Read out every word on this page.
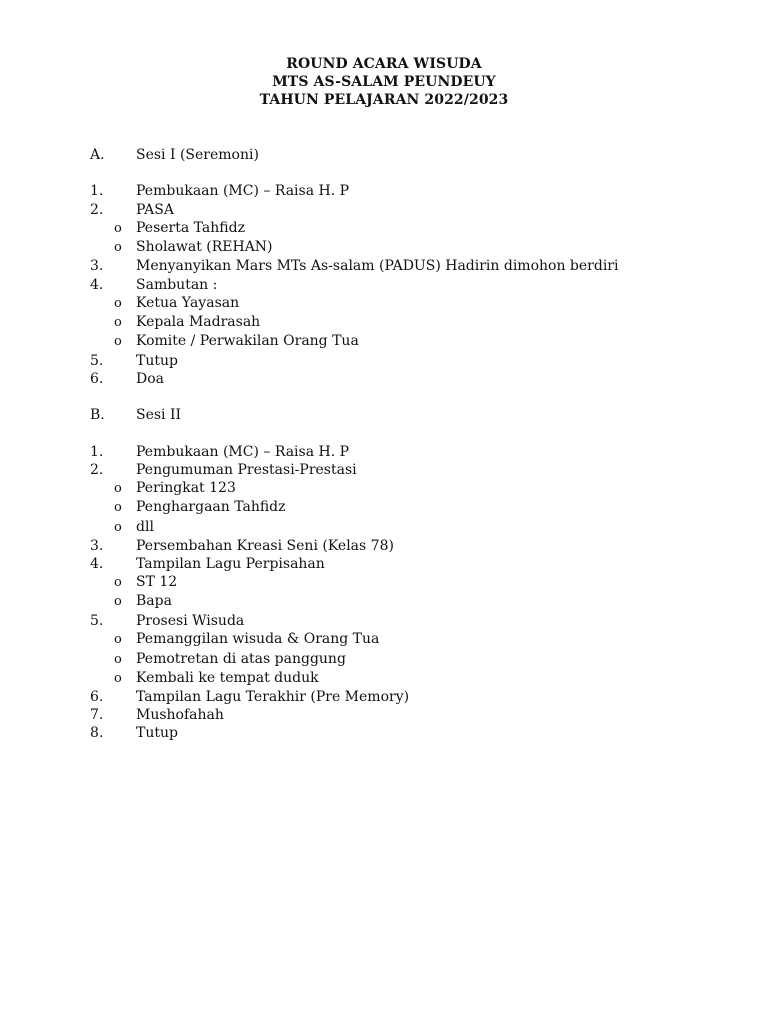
ROUND ACARA WISUDA
MTS AS-SALAM PEUNDEUY
TAHUN PELAJARAN 2022/2023
A. Sesi I (Seremoni)
1. Pembukaan (MC) – Raisa H. P
2. PASA
o Peserta Tahfidz
o Sholawat (REHAN)
3. Menyanyikan Mars MTs As-salam (PADUS) Hadirin dimohon berdiri
4. Sambutan :
o Ketua Yayasan
o Kepala Madrasah
o Komite / Perwakilan Orang Tua
5. Tutup
6. Doa
B. Sesi II
1. Pembukaan (MC) – Raisa H. P
2. Pengumuman Prestasi-Prestasi
o Peringkat 123
o Penghargaan Tahfidz
o dll
3. Persembahan Kreasi Seni (Kelas 78)
4. Tampilan Lagu Perpisahan
o ST 12
o Bapa
5. Prosesi Wisuda
o Pemanggilan wisuda & Orang Tua
o Pemotretan di atas panggung
o Kembali ke tempat duduk
6. Tampilan Lagu Terakhir (Pre Memory)
7. Mushofahah
8. Tutup
